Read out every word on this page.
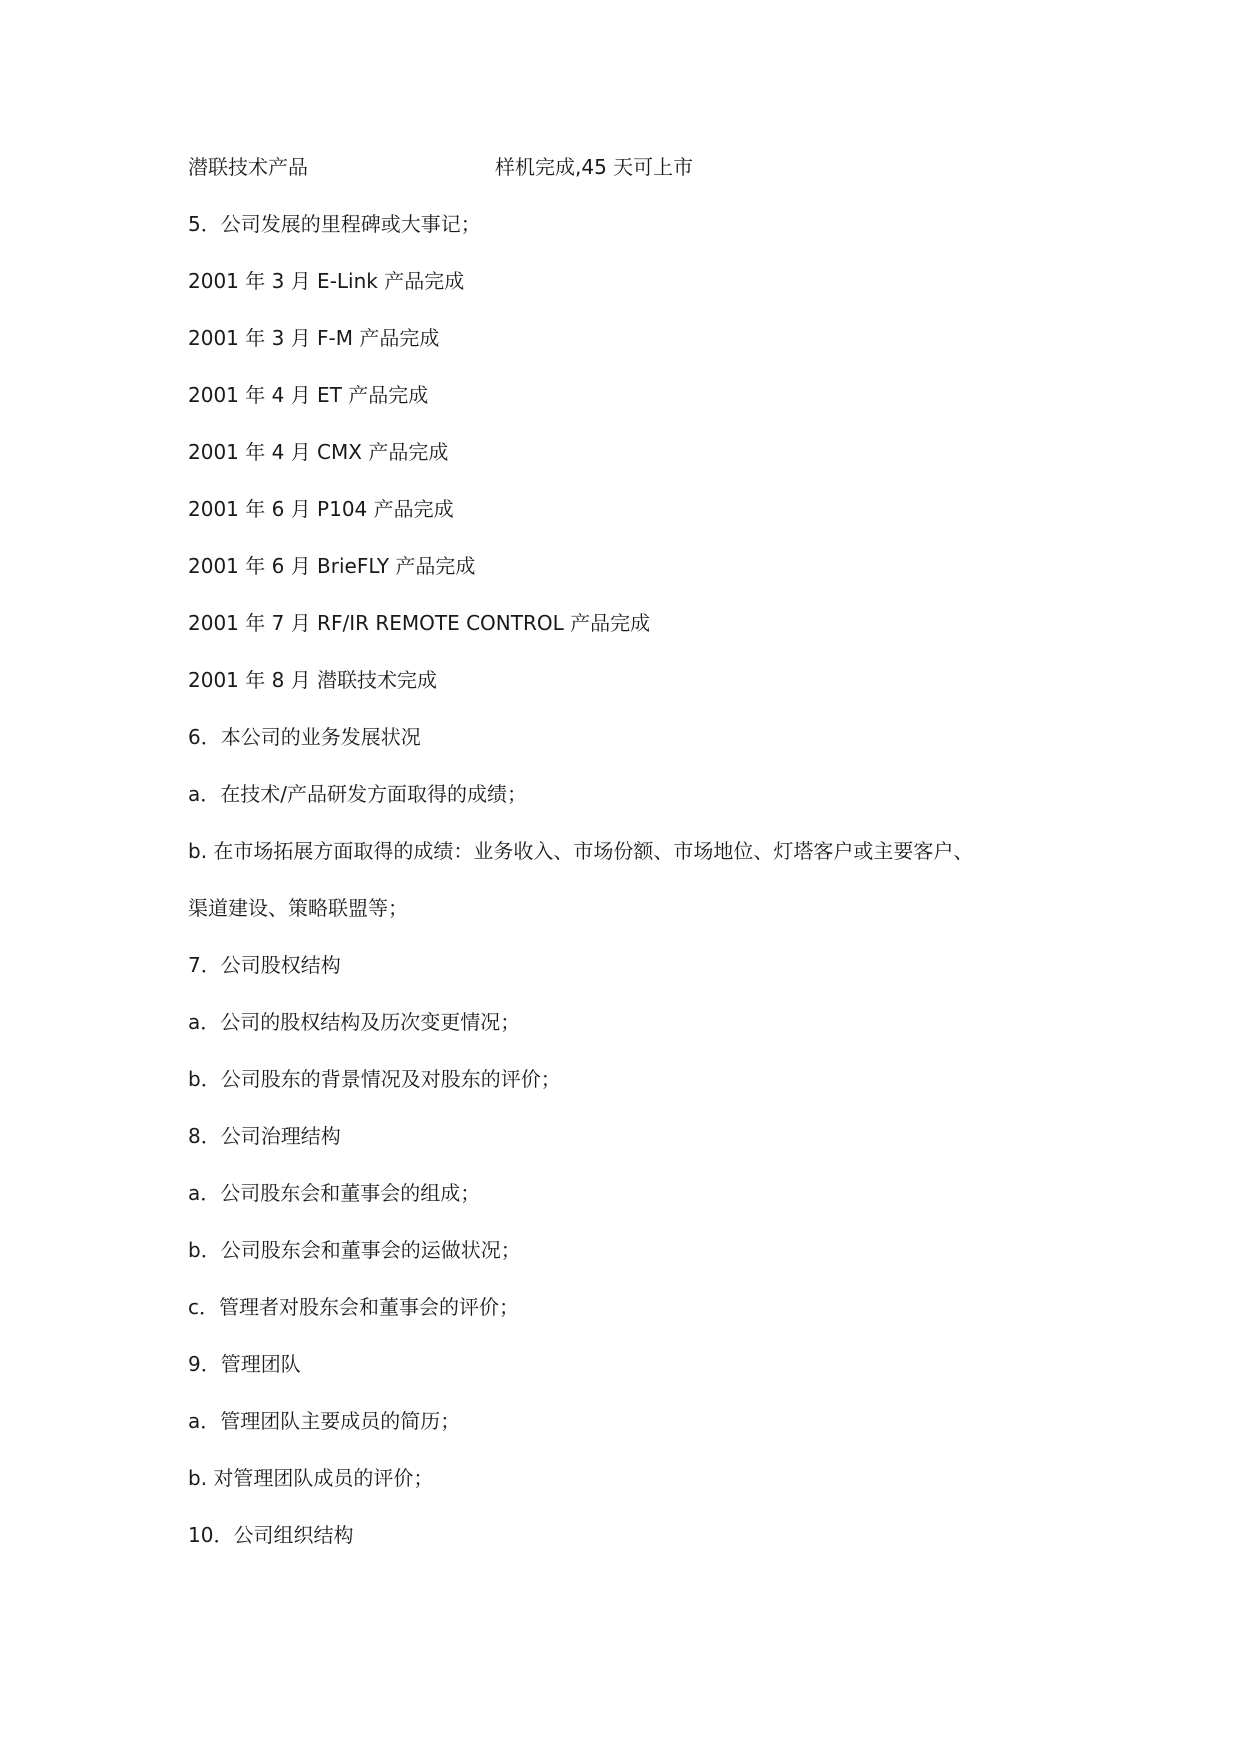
潜联技术产品	样机完成,45 天可上市
5．公司发展的里程碑或大事记；
2001 年 3 月 E-Link 产品完成
2001 年 3 月 F-M 产品完成
2001 年 4 月 ET 产品完成
2001 年 4 月 CMX 产品完成
2001 年 6 月 P104 产品完成
2001 年 6 月 BrieFLY 产品完成
2001 年 7 月 RF/IR REMOTE CONTROL 产品完成
2001 年 8 月 潜联技术完成
6．本公司的业务发展状况
a．在技术/产品研发方面取得的成绩；
b. 在市场拓展方面取得的成绩：业务收入、市场份额、市场地位、灯塔客户或主要客户、
渠道建设、策略联盟等；
7．公司股权结构
a．公司的股权结构及历次变更情况；
b．公司股东的背景情况及对股东的评价；
8．公司治理结构
a．公司股东会和董事会的组成；
b．公司股东会和董事会的运做状况；
c．管理者对股东会和董事会的评价；
9．管理团队
a．管理团队主要成员的简历；
b. 对管理团队成员的评价；
10．公司组织结构
